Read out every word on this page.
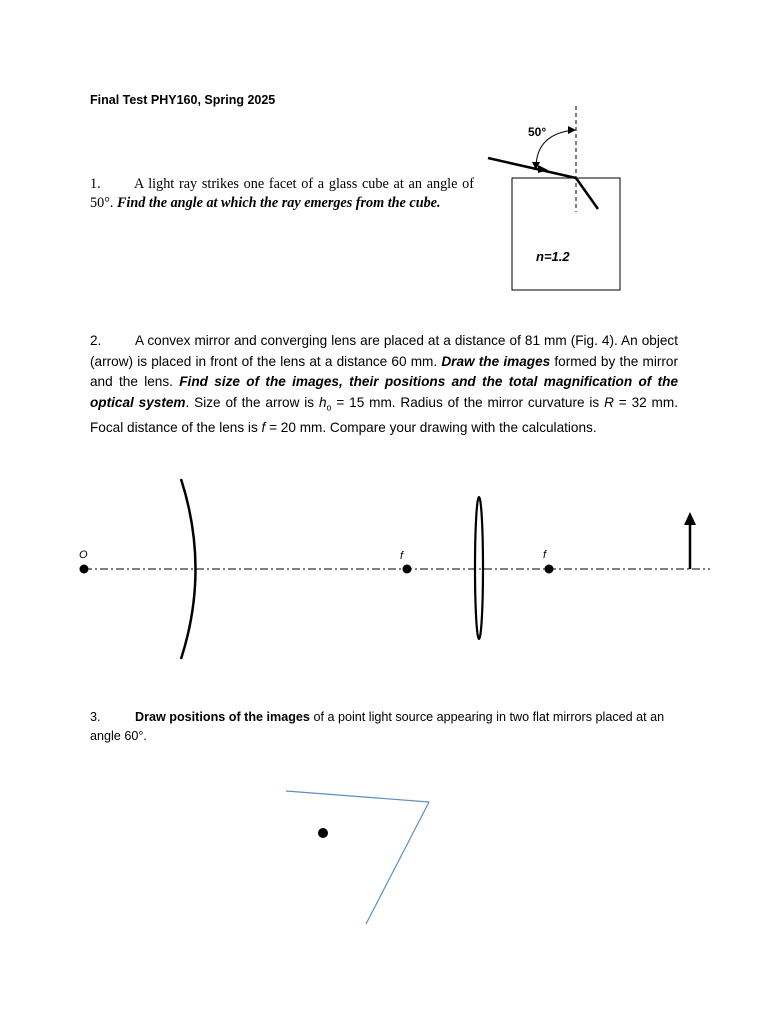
Final Test PHY160, Spring 2025
1. A light ray strikes one facet of a glass cube at an angle of 50°. Find the angle at which the ray emerges from the cube.
50°
n=1.2
2. A convex mirror and converging lens are placed at a distance of 81 mm (Fig. 4). An object (arrow) is placed in front of the lens at a distance 60 mm. Draw the images formed by the mirror and the lens. Find size of the images, their positions and the total magnification of the optical system. Size of the arrow is $h_o = 15$ mm. Radius of the mirror curvature is R = 32 mm. Focal distance of the lens is f = 20 mm. Compare your drawing with the calculations.
O	f	f
3.	Draw positions of the images of a point light source appearing in two flat mirrors placed at an angle 60°.
